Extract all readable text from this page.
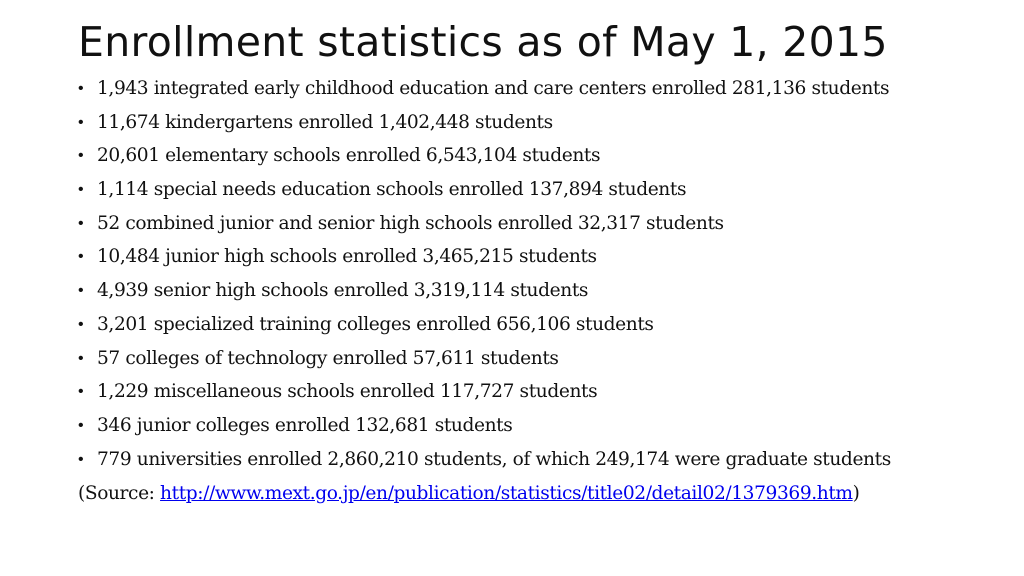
Enrollment statistics as of May 1, 2015
• 1,943 integrated early childhood education and care centers enrolled 281,136 students
• 11,674 kindergartens enrolled 1,402,448 students
• 20,601 elementary schools enrolled 6,543,104 students
• 1,114 special needs education schools enrolled 137,894 students
• 52 combined junior and senior high schools enrolled 32,317 students
• 10,484 junior high schools enrolled 3,465,215 students
• 4,939 senior high schools enrolled 3,319,114 students
• 3,201 specialized training colleges enrolled 656,106 students
• 57 colleges of technology enrolled 57,611 students
• 1,229 miscellaneous schools enrolled 117,727 students
• 346 junior colleges enrolled 132,681 students
• 779 universities enrolled 2,860,210 students, of which 249,174 were graduate students
(Source: http://www.mext.go.jp/en/publication/statistics/title02/detail02/1379369.htm)
